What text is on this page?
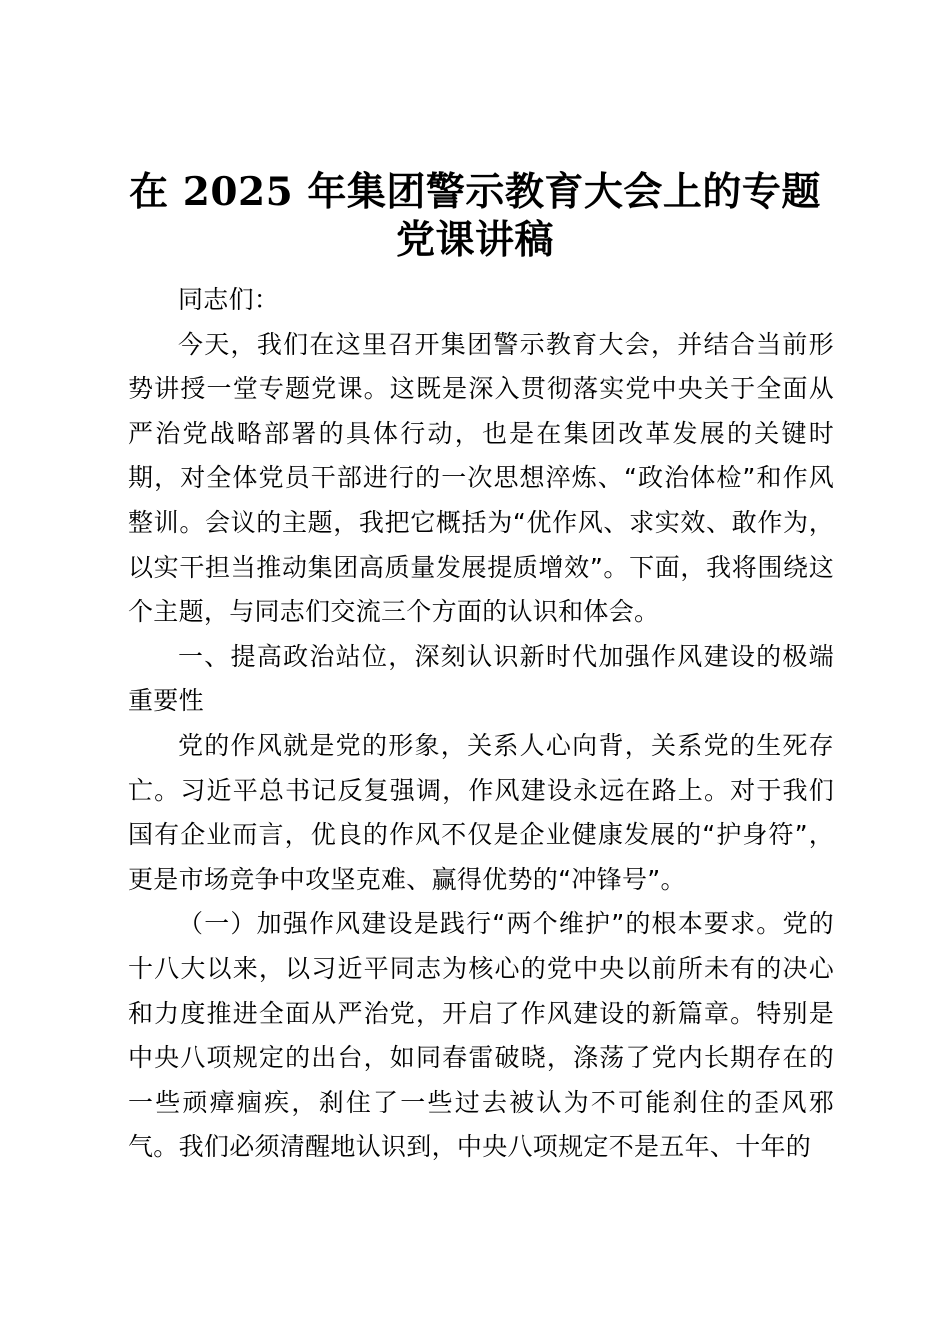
在 2025 年集团警示教育大会上的专题
党课讲稿

同志们：

今天，我们在这里召开集团警示教育大会，并结合当前形势讲授一堂专题党课。这既是深入贯彻落实党中央关于全面从严治党战略部署的具体行动，也是在集团改革发展的关键时期，对全体党员干部进行的一次思想淬炼、“政治体检”和作风整训。会议的主题，我把它概括为“优作风、求实效、敢作为，以实干担当推动集团高质量发展提质增效”。下面，我将围绕这个主题，与同志们交流三个方面的认识和体会。

一、提高政治站位，深刻认识新时代加强作风建设的极端重要性

党的作风就是党的形象，关系人心向背，关系党的生死存亡。习近平总书记反复强调，作风建设永远在路上。对于我们国有企业而言，优良的作风不仅是企业健康发展的“护身符”，更是市场竞争中攻坚克难、赢得优势的“冲锋号”。

（一）加强作风建设是践行“两个维护”的根本要求。党的十八大以来，以习近平同志为核心的党中央以前所未有的决心和力度推进全面从严治党，开启了作风建设的新篇章。特别是中央八项规定的出台，如同春雷破晓，涤荡了党内长期存在的一些顽瘴痼疾，刹住了一些过去被认为不可能刹住的歪风邪气。我们必须清醒地认识到，中央八项规定不是五年、十年的
